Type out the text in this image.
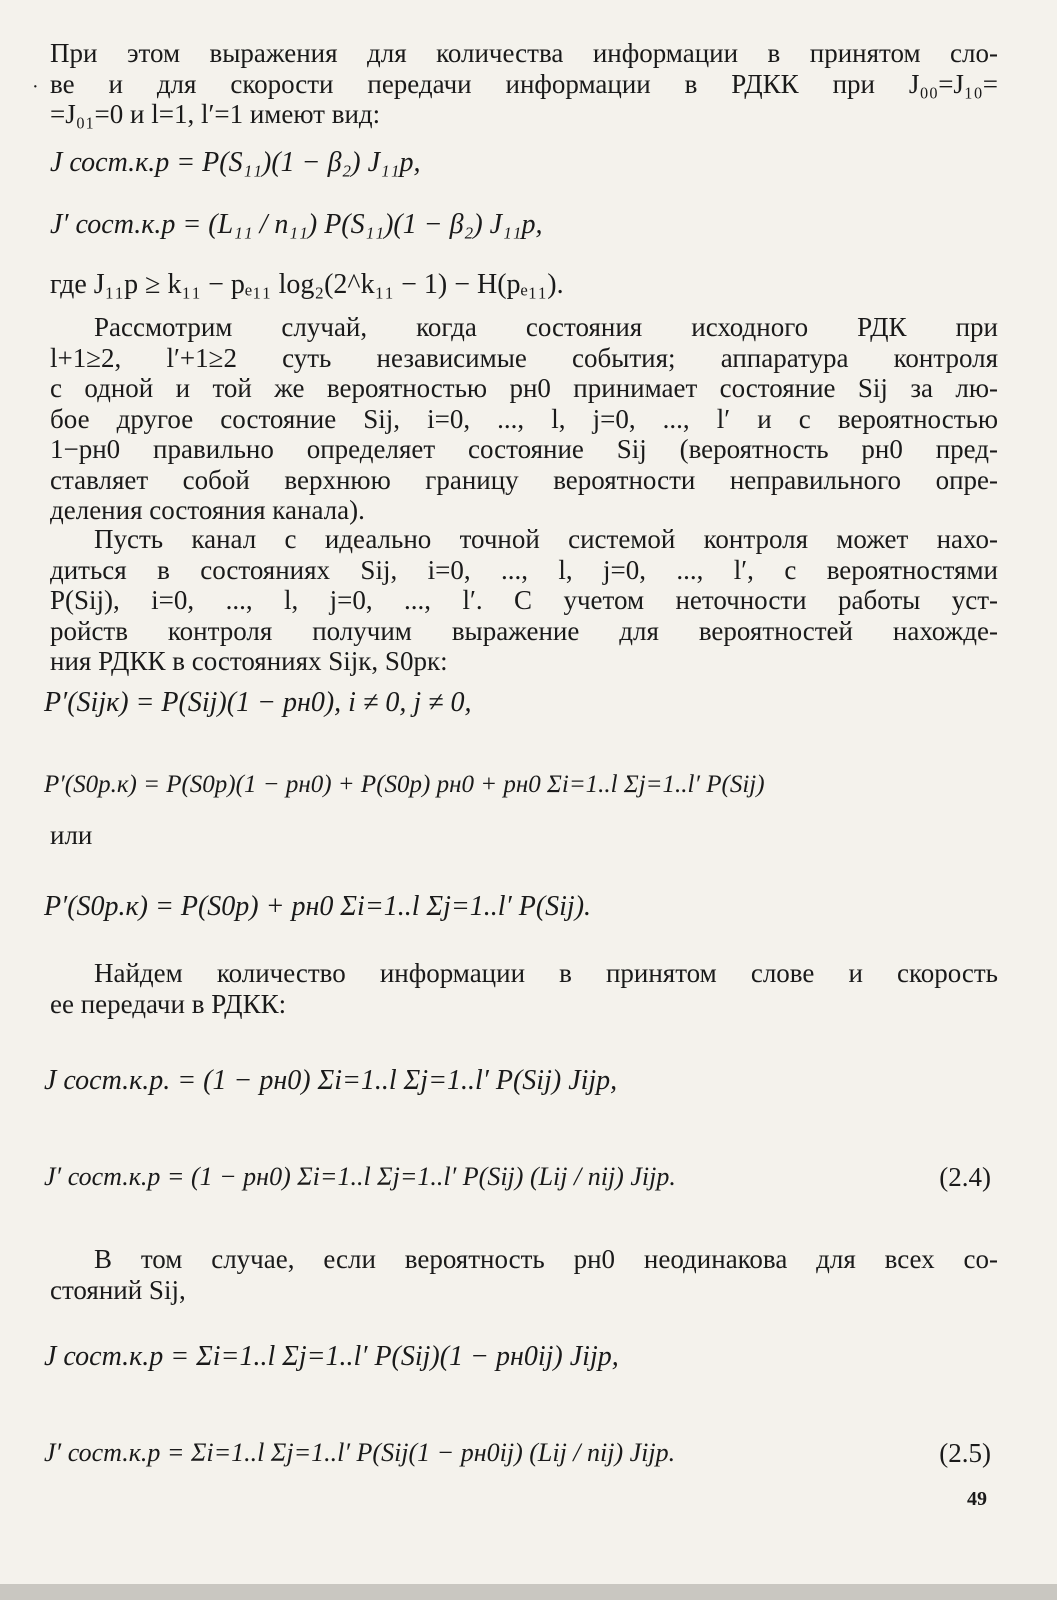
·
При этом выражения для количества информации в принятом сло-
ве и для скорости передачи информации в РДКК при J₀₀=J₁₀=
=J₀₁=0 и l=1, l′=1 имеют вид:
J сост.к.р = P(S₁₁)(1 − β₂) J₁₁р,
J′ сост.к.р = (L₁₁ / n₁₁) P(S₁₁)(1 − β₂) J₁₁р,
где J₁₁р ≥ k₁₁ − pₑ₁₁ log₂(2^k₁₁ − 1) − H(pₑ₁₁).
Рассмотрим случай, когда состояния исходного РДК при
l+1≥2, l′+1≥2 суть независимые события; аппаратура контроля
с одной и той же вероятностью pн0 принимает состояние Sij за лю-
бое другое состояние Sij, i=0, ..., l, j=0, ..., l′ и с вероятностью
1−pн0 правильно определяет состояние Sij (вероятность pн0 пред-
ставляет собой верхнюю границу вероятности неправильного опре-
деления состояния канала).
Пусть канал с идеально точной системой контроля может нахо-
диться в состояниях Sij, i=0, ..., l, j=0, ..., l′, с вероятностями
P(Sij), i=0, ..., l, j=0, ..., l′. С учетом неточности работы уст-
ройств контроля получим выражение для вероятностей нахожде-
ния РДКК в состояниях Sijк, S0рк:
P′(Sijк) = P(Sij)(1 − pн0), i ≠ 0, j ≠ 0,
P′(S0р.к) = P(S0р)(1 − pн0) + P(S0р) pн0 + pн0 Σi=1..l Σj=1..l′ P(Sij)
или
P′(S0р.к) = P(S0р) + pн0 Σi=1..l Σj=1..l′ P(Sij).
Найдем количество информации в принятом слове и скорость
ее передачи в РДКК:
J сост.к.р. = (1 − pн0) Σi=1..l Σj=1..l′ P(Sij) Jijр,
J′ сост.к.р = (1 − pн0) Σi=1..l Σj=1..l′ P(Sij) (Lij / nij) Jijр.	(2.4)
В том случае, если вероятность pн0 неодинакова для всех со-
стояний Sij,
J сост.к.р = Σi=1..l Σj=1..l′ P(Sij)(1 − pн0ij) Jijр,
J′ сост.к.р = Σi=1..l Σj=1..l′ P(Sij(1 − pн0ij) (Lij / nij) Jijр.	(2.5)
49
